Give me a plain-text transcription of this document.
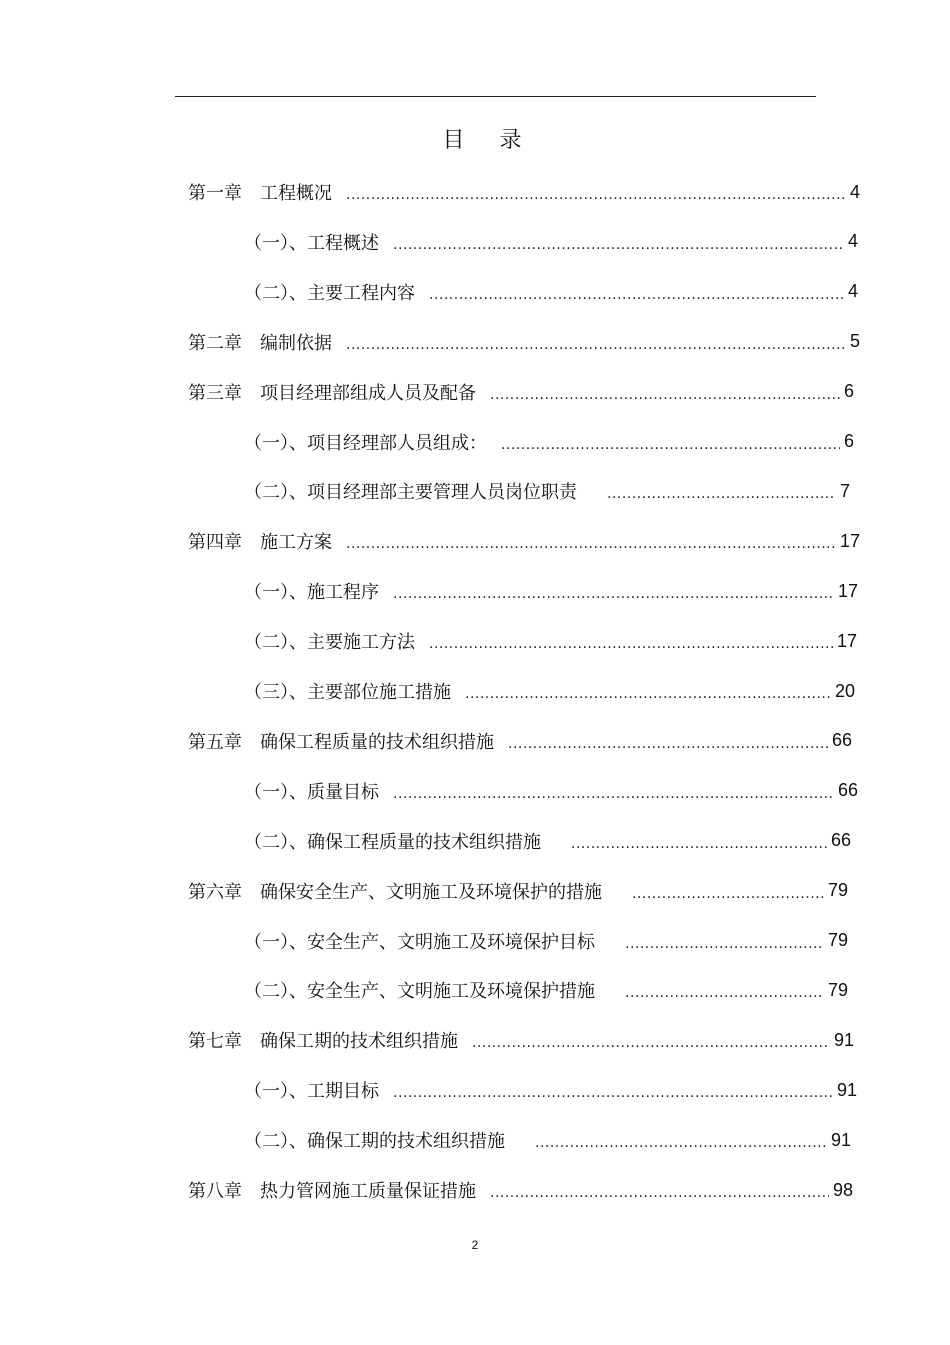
目 录
第一章 工程概况 .....	4
（一）、工程概述 .....	4
（二）、主要工程内容 .....	4
第二章 编制依据 .....	5
第三章 项目经理部组成人员及配备 .....	6
（一）、项目经理部人员组成： .....	6
（二）、项目经理部主要管理人员岗位职责 .....	7
第四章 施工方案 .....	17
（一）、施工程序 .....	17
（二）、主要施工方法 .....	17
（三）、主要部位施工措施 .....	20
第五章 确保工程质量的技术组织措施 .....	66
（一）、质量目标 .....	66
（二）、确保工程质量的技术组织措施 .....	66
第六章 确保安全生产、文明施工及环境保护的措施 .....	79
（一）、安全生产、文明施工及环境保护目标 .....	79
（二）、安全生产、文明施工及环境保护措施 .....	79
第七章 确保工期的技术组织措施 .....	91
（一）、工期目标 .....	91
（二）、确保工期的技术组织措施 .....	91
第八章 热力管网施工质量保证措施 .....	98
2
